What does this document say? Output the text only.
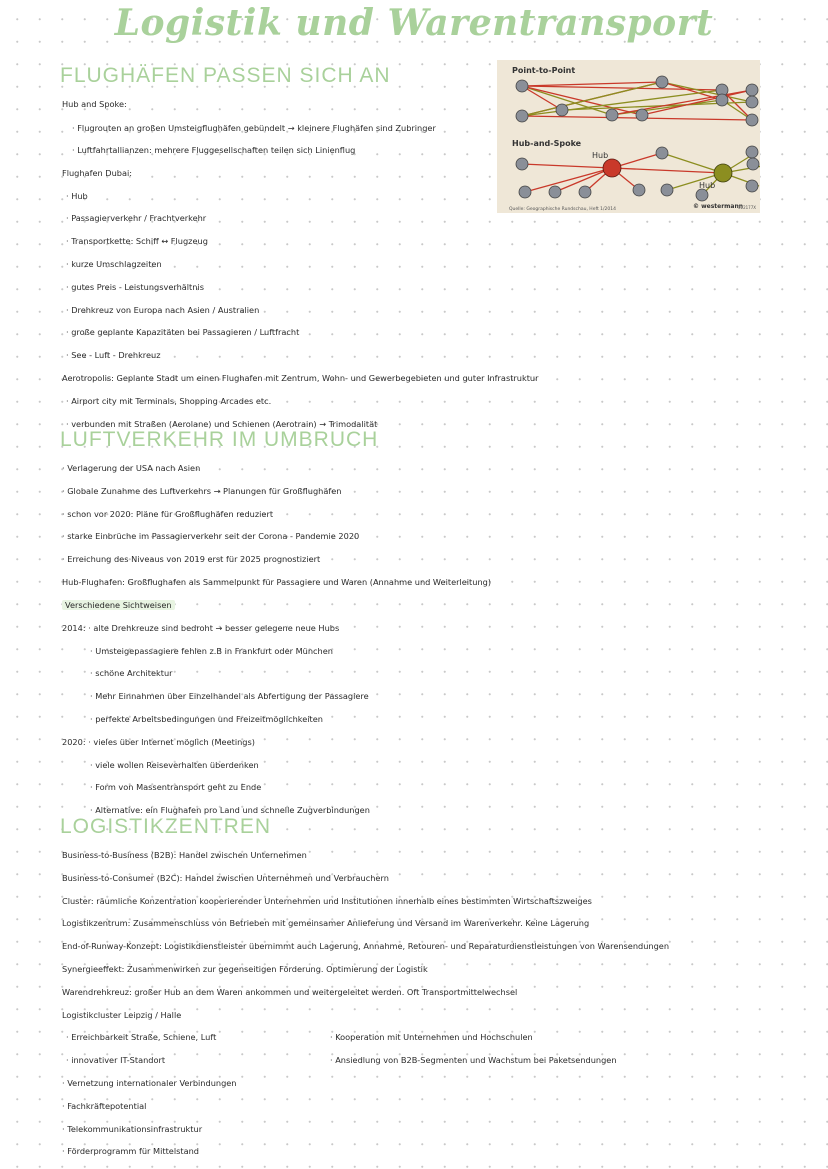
Logistik und Warentransport
FLUGHÄFEN PASSEN SICH AN
LUFTVERKEHR IM UMBRUCH
LOGISTIKZENTREN
Hub and Spoke:
· Flugrouten an großen Umsteigflughäfen gebündelt → kleinere Flughäfen sind Zubringer
· Luftfahrtallianzen: mehrere Fluggesellschaften teilen sich Linienflug
Flughafen Dubai:
· Hub
· Passagierverkehr / Frachtverkehr
· Transportkette: Schiff ↔ Flugzeug
· kurze Umschlagzeiten
· gutes Preis - Leistungsverhältnis
· Drehkreuz von Europa nach Asien / Australien
· große geplante Kapazitäten bei Passagieren / Luftfracht
· See - Luft - Drehkreuz
Aerotropolis: Geplante Stadt um einen Flughafen mit Zentrum, Wohn- und Gewerbegebieten und guter Infrastruktur
· Airport city mit Terminals, Shopping Arcades etc.
· verbunden mit Straßen (Aerolane) und Schienen (Aerotrain) → Trimodalität
· Verlagerung der USA nach Asien
· Globale Zunahme des Luftverkehrs → Planungen für Großflughäfen
· schon vor 2020: Pläne für Großflughäfen reduziert
· starke Einbrüche im Passagierverkehr seit der Corona - Pandemie 2020
· Erreichung des Niveaus von 2019 erst für 2025 prognostiziert
Hub-Flughafen: Großflughafen als Sammelpunkt für Passagiere und Waren (Annahme und Weiterleitung)
Verschiedene Sichtweisen
2014: · alte Drehkreuze sind bedroht → besser gelegene neue Hubs
· Umsteigepassagiere fehlen z.B in Frankfurt oder München
· schöne Architektur
· Mehr Einnahmen über Einzelhandel als Abfertigung der Passagiere
· perfekte Arbeitsbedingungen und Freizeitmöglichkeiten
2020: · vieles über Internet möglich (Meetings)
· viele wollen Reiseverhalten überdenken
· Form von Massentransport geht zu Ende
· Alternative: ein Flughafen pro Land und schnelle Zugverbindungen
Business-to-Business (B2B): Handel zwischen Unternehmen
Business-to-Consumer (B2C): Handel zwischen Unternehmen und Verbrauchern
Cluster: räumliche Konzentration kooperierender Unternehmen und Institutionen innerhalb eines bestimmten Wirtschaftszweiges
Logistikzentrum: Zusammenschluss von Betrieben mit gemeinsamer Anlieferung und Versand im Warenverkehr. Keine Lagerung
End-of-Runway-Konzept: Logistikdienstleister übernimmt auch Lagerung, Annahme, Retouren- und Reparaturdienstleistungen von Warensendungen
Synergieeffekt: Zusammenwirken zur gegenseitigen Förderung. Optimierung der Logistik
Warendrehkreuz: großer Hub an dem Waren ankommen und weitergeleitet werden. Oft Transportmittelwechsel
Logistikcluster Leipzig / Halle
· Erreichbarkeit Straße, Schiene, Luft	· Kooperation mit Unternehmen und Hochschulen
· innovativer IT-Standort	· Ansiedlung von B2B-Segmenten und Wachstum bei Paketsendungen
· Vernetzung internationaler Verbindungen
· Fachkräftepotential
· Telekommunikationsinfrastruktur
· Förderprogramm für Mittelstand
Point-to-Point
Hub-and-Spoke
Hub
Hub
Quelle: Geographische Rundschau, Heft 1/2014	© westermann
312177X
